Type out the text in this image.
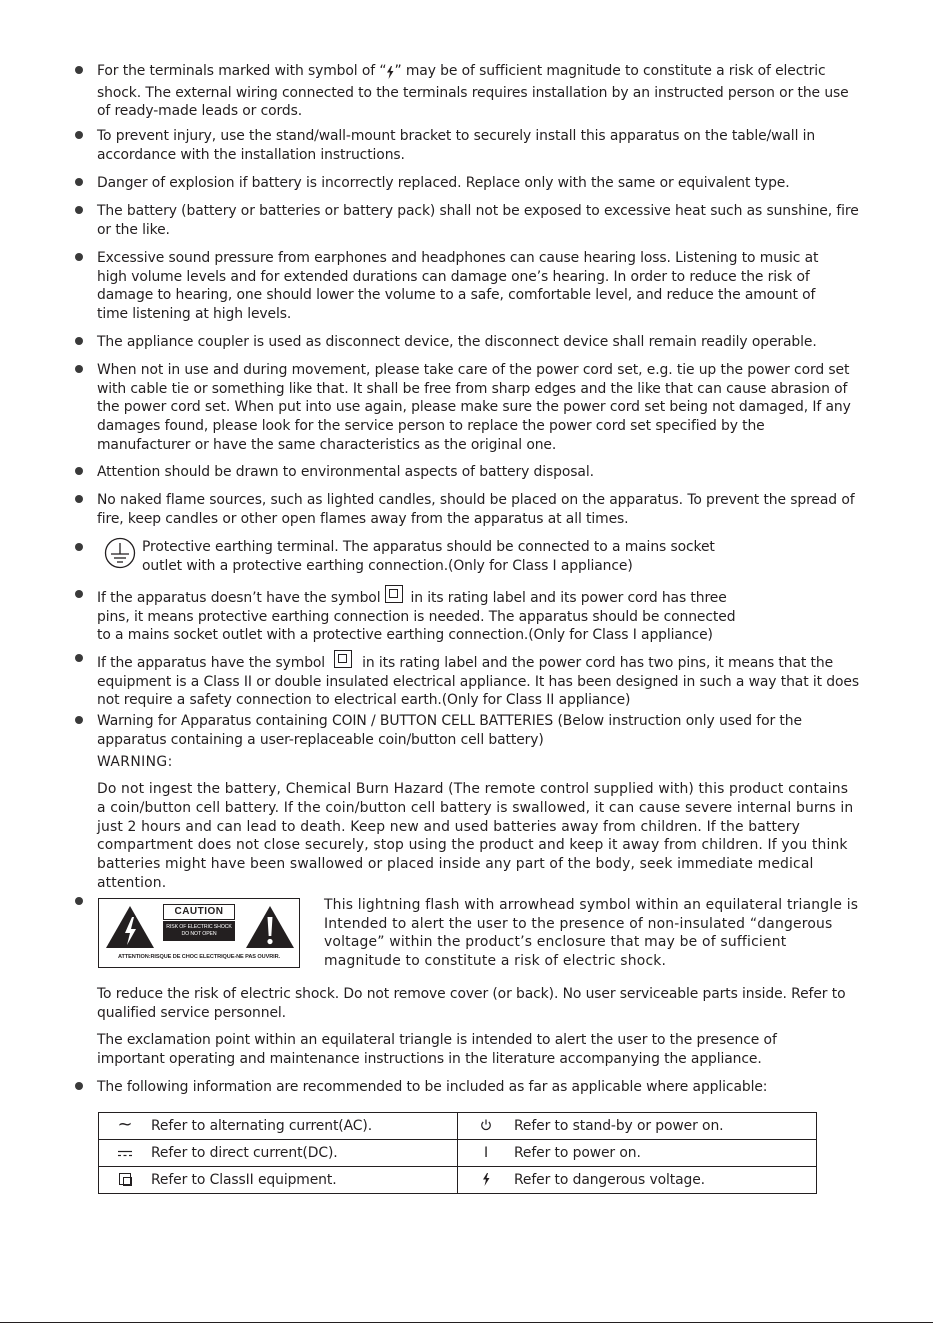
For the terminals marked with symbol of “ ” may be of sufficient magnitude to constitute a risk of electric shock. The external wiring connected to the terminals requires installation by an instructed person or the use of ready-made leads or cords.

To prevent injury, use the stand/wall-mount bracket to securely install this apparatus on the table/wall in accordance with the installation instructions.

Danger of explosion if battery is incorrectly replaced. Replace only with the same or equivalent type.

The battery (battery or batteries or battery pack) shall not be exposed to excessive heat such as sunshine, fire or the like.

Excessive sound pressure from earphones and headphones can cause hearing loss. Listening to music at high volume levels and for extended durations can damage one’s hearing. In order to reduce the risk of damage to hearing, one should lower the volume to a safe, comfortable level, and reduce the amount of time listening at high levels.

The appliance coupler is used as disconnect device, the disconnect device shall remain readily operable.

When not in use and during movement, please take care of the power cord set, e.g. tie up the power cord set with cable tie or something like that. It shall be free from sharp edges and the like that can cause abrasion of the power cord set. When put into use again, please make sure the power cord set being not damaged, If any damages found, please look for the service person to replace the power cord set specified by the manufacturer or have the same characteristics as the original one.

Attention should be drawn to environmental aspects of battery disposal.

No naked flame sources, such as lighted candles, should be placed on the apparatus. To prevent the spread of fire, keep candles or other open flames away from the apparatus at all times.

Protective earthing terminal. The apparatus should be connected to a mains socket

outlet with a protective earthing connection.(Only for Class I appliance)

If the apparatus doesn’t have the symbol in its rating label and its power cord has three

pins, it means protective earthing connection is needed. The apparatus should be connected

to a mains socket outlet with a protective earthing connection.(Only for Class I appliance)

If the apparatus have the symbol	in its rating label and the power cord has two pins, it means that the equipment is a Class II or double insulated electrical appliance. It has been designed in such a way that it does not require a safety connection to electrical earth.(Only for Class II appliance)

Warning for Apparatus containing COIN / BUTTON CELL BATTERIES (Below instruction only used for the apparatus containing a user-replaceable coin/button cell battery)

WARNING:

Do not ingest the battery, Chemical Burn Hazard (The remote control supplied with) this product contains a coin/button cell battery. If the coin/button cell battery is swallowed, it can cause severe internal burns in just 2 hours and can lead to death. Keep new and used batteries away from children. If the battery compartment does not close securely, stop using the product and keep it away from children. If you think batteries might have been swallowed or placed inside any part of the body, seek immediate medical attention.

CAUTION
RISK OF ELECTRIC SHOCK
DO NOT OPEN
ATTENTION:RISQUE DE CHOC ELECTRIQUE-NE PAS OUVRIR.

This lightning flash with arrowhead symbol within an equilateral triangle is Intended to alert the user to the presence of non-insulated “dangerous voltage” within the product’s enclosure that may be of sufficient magnitude to constitute a risk of electric shock.

To reduce the risk of electric shock. Do not remove cover (or back). No user serviceable parts inside. Refer to qualified service personnel.

The exclamation point within an equilateral triangle is intended to alert the user to the presence of important operating and maintenance instructions in the literature accompanying the appliance.

The following information are recommended to be included as far as applicable where applicable:

~	Refer to alternating current(AC).		Refer to stand-by or power on.
	Refer to direct current(DC).	I	Refer to power on.
	Refer to ClassII equipment.		Refer to dangerous voltage.
